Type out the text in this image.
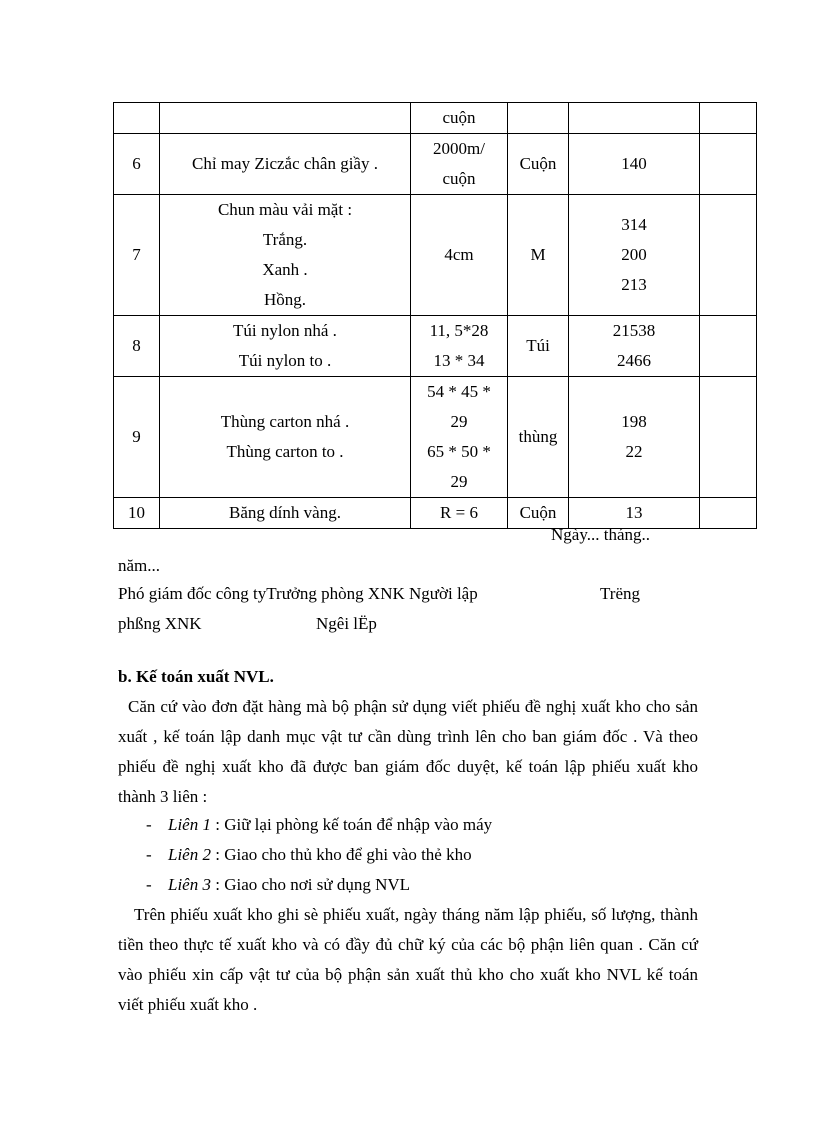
		cuộn			

6	Chỉ may Ziczắc chân giầy .	2000m/
cuộn	Cuộn	140	

7	Chun màu vải mặt :
Trắng.
Xanh .
Hồng.	4cm	M	314
200
213	

8	Túi nylon nhá .
Túi nylon to .	11, 5*28
13 * 34	Túi	21538
2466	

9	Thùng carton nhá .
Thùng carton to .	54 * 45 *
29
65 * 50 *
29	thùng	198
22	

10	Băng dính vàng.	R = 6	Cuộn	13	

Ngày... tháng..
năm...
Phó giám đốc công tyTrưởng phòng XNK Người lập	Trëng
phßng XNK	Ngêi lËp
b. Kế toán xuất NVL.
Căn cứ vào đơn đặt hàng mà bộ phận sử dụng viết phiếu đề nghị xuất kho cho sản xuất , kế toán lập danh mục vật tư cần dùng trình lên cho ban giám đốc . Và theo phiếu đề nghị xuất kho đã được ban giám đốc duyệt, kế toán lập phiếu xuất kho thành 3 liên :
- Liên 1 : Giữ lại phòng kế toán để nhập vào máy
- Liên 2 : Giao cho thủ kho để ghi vào thẻ kho
- Liên 3 : Giao cho nơi sử dụng NVL
Trên phiếu xuất kho ghi sè phiếu xuất, ngày tháng năm lập phiếu, số lượng, thành tiền theo thực tế xuất kho và có đầy đủ chữ ký của các bộ phận liên quan . Căn cứ vào phiếu xin cấp vật tư của bộ phận sản xuất thủ kho cho xuất kho NVL kế toán viết phiếu xuất kho .
